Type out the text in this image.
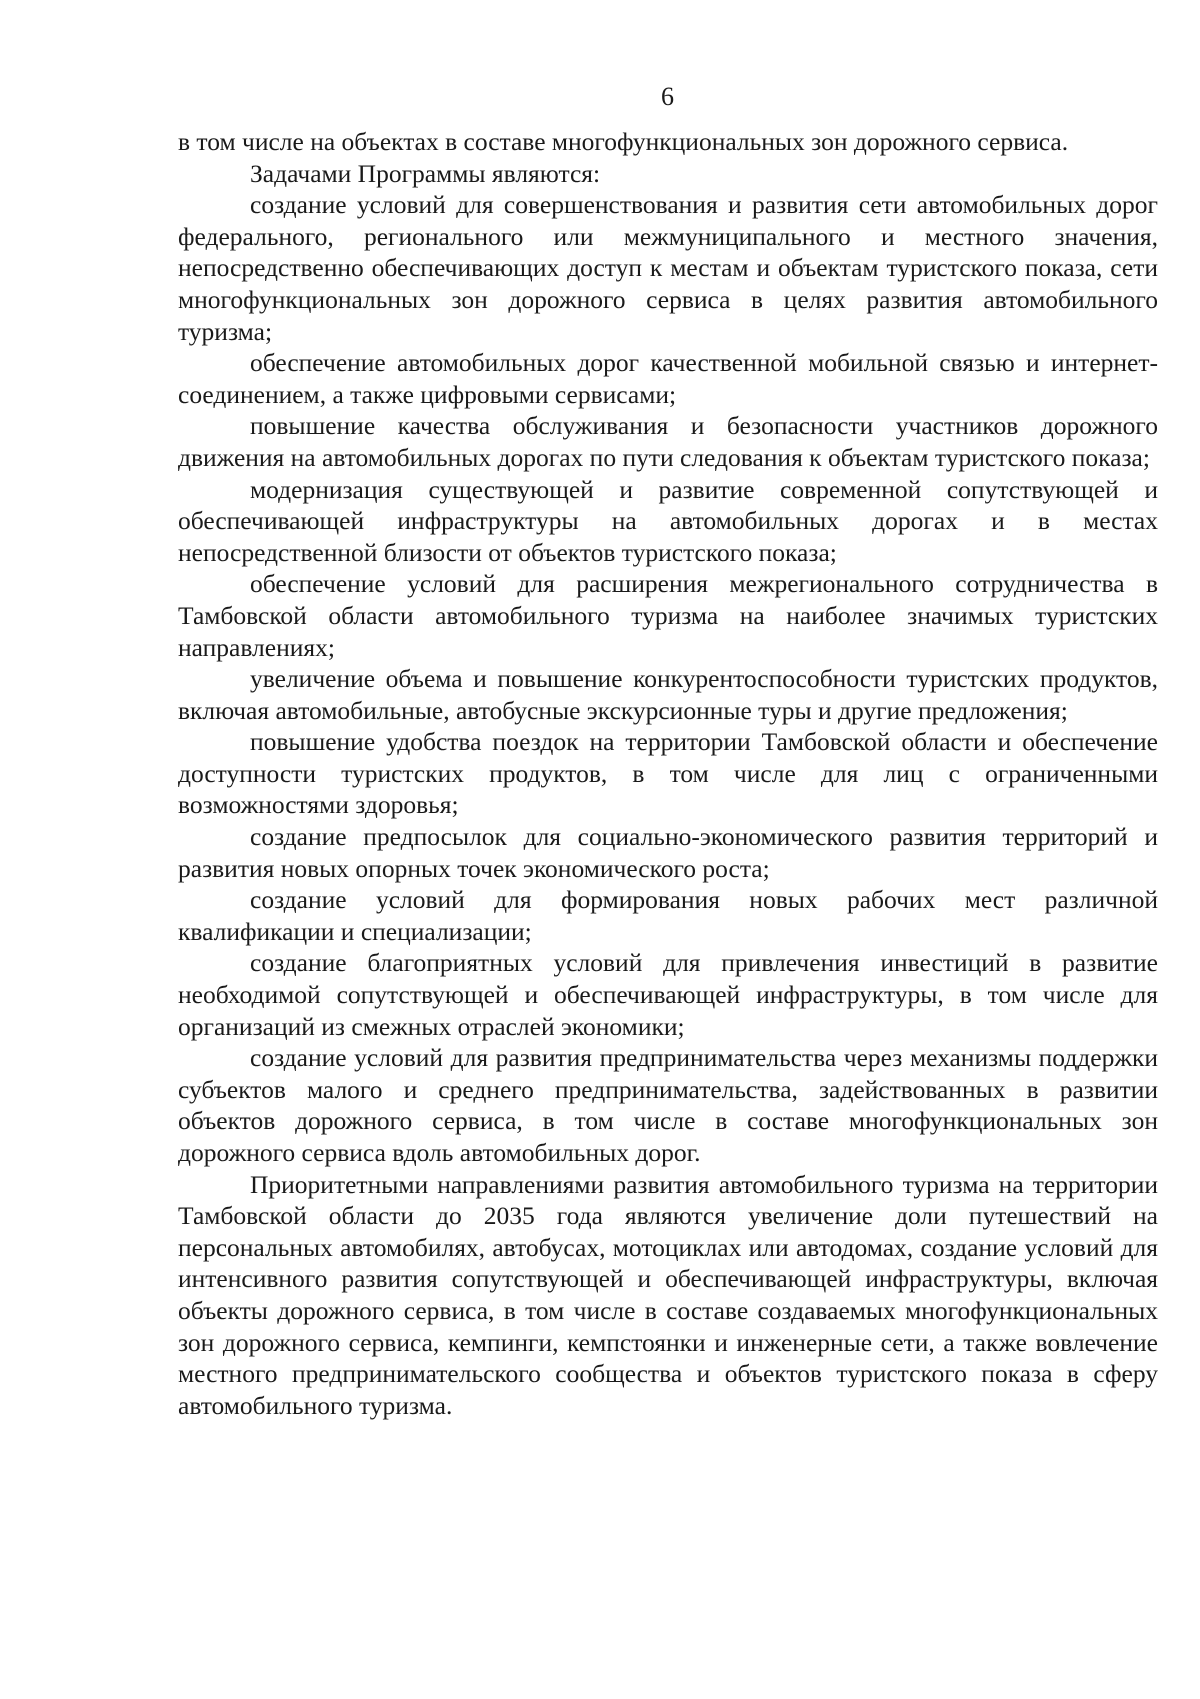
6

в том числе на объектах в составе многофункциональных зон дорожного сервиса.

Задачами Программы являются:

создание условий для совершенствования и развития сети автомобильных дорог федерального, регионального или межмуниципального и местного значения, непосредственно обеспечивающих доступ к местам и объектам туристского показа, сети многофункциональных зон дорожного сервиса в целях развития автомобильного туризма;

обеспечение автомобильных дорог качественной мобильной связью и интернет-соединением, а также цифровыми сервисами;

повышение качества обслуживания и безопасности участников дорожного движения на автомобильных дорогах по пути следования к объектам туристского показа;

модернизация существующей и развитие современной сопутствующей и обеспечивающей инфраструктуры на автомобильных дорогах и в местах непосредственной близости от объектов туристского показа;

обеспечение условий для расширения межрегионального сотрудничества в Тамбовской области автомобильного туризма на наиболее значимых туристских направлениях;

увеличение объема и повышение конкурентоспособности туристских продуктов, включая автомобильные, автобусные экскурсионные туры и другие предложения;

повышение удобства поездок на территории Тамбовской области и обеспечение доступности туристских продуктов, в том числе для лиц с ограниченными возможностями здоровья;

создание предпосылок для социально-экономического развития территорий и развития новых опорных точек экономического роста;

создание условий для формирования новых рабочих мест различной квалификации и специализации;

создание благоприятных условий для привлечения инвестиций в развитие необходимой сопутствующей и обеспечивающей инфраструктуры, в том числе для организаций из смежных отраслей экономики;

создание условий для развития предпринимательства через механизмы поддержки субъектов малого и среднего предпринимательства, задействованных в развитии объектов дорожного сервиса, в том числе в составе многофункциональных зон дорожного сервиса вдоль автомобильных дорог.

Приоритетными направлениями развития автомобильного туризма на территории Тамбовской области до 2035 года являются увеличение доли путешествий на персональных автомобилях, автобусах, мотоциклах или автодомах, создание условий для интенсивного развития сопутствующей и обеспечивающей инфраструктуры, включая объекты дорожного сервиса, в том числе в составе создаваемых многофункциональных зон дорожного сервиса, кемпинги, кемпстоянки и инженерные сети, а также вовлечение местного предпринимательского сообщества и объектов туристского показа в сферу автомобильного туризма.
